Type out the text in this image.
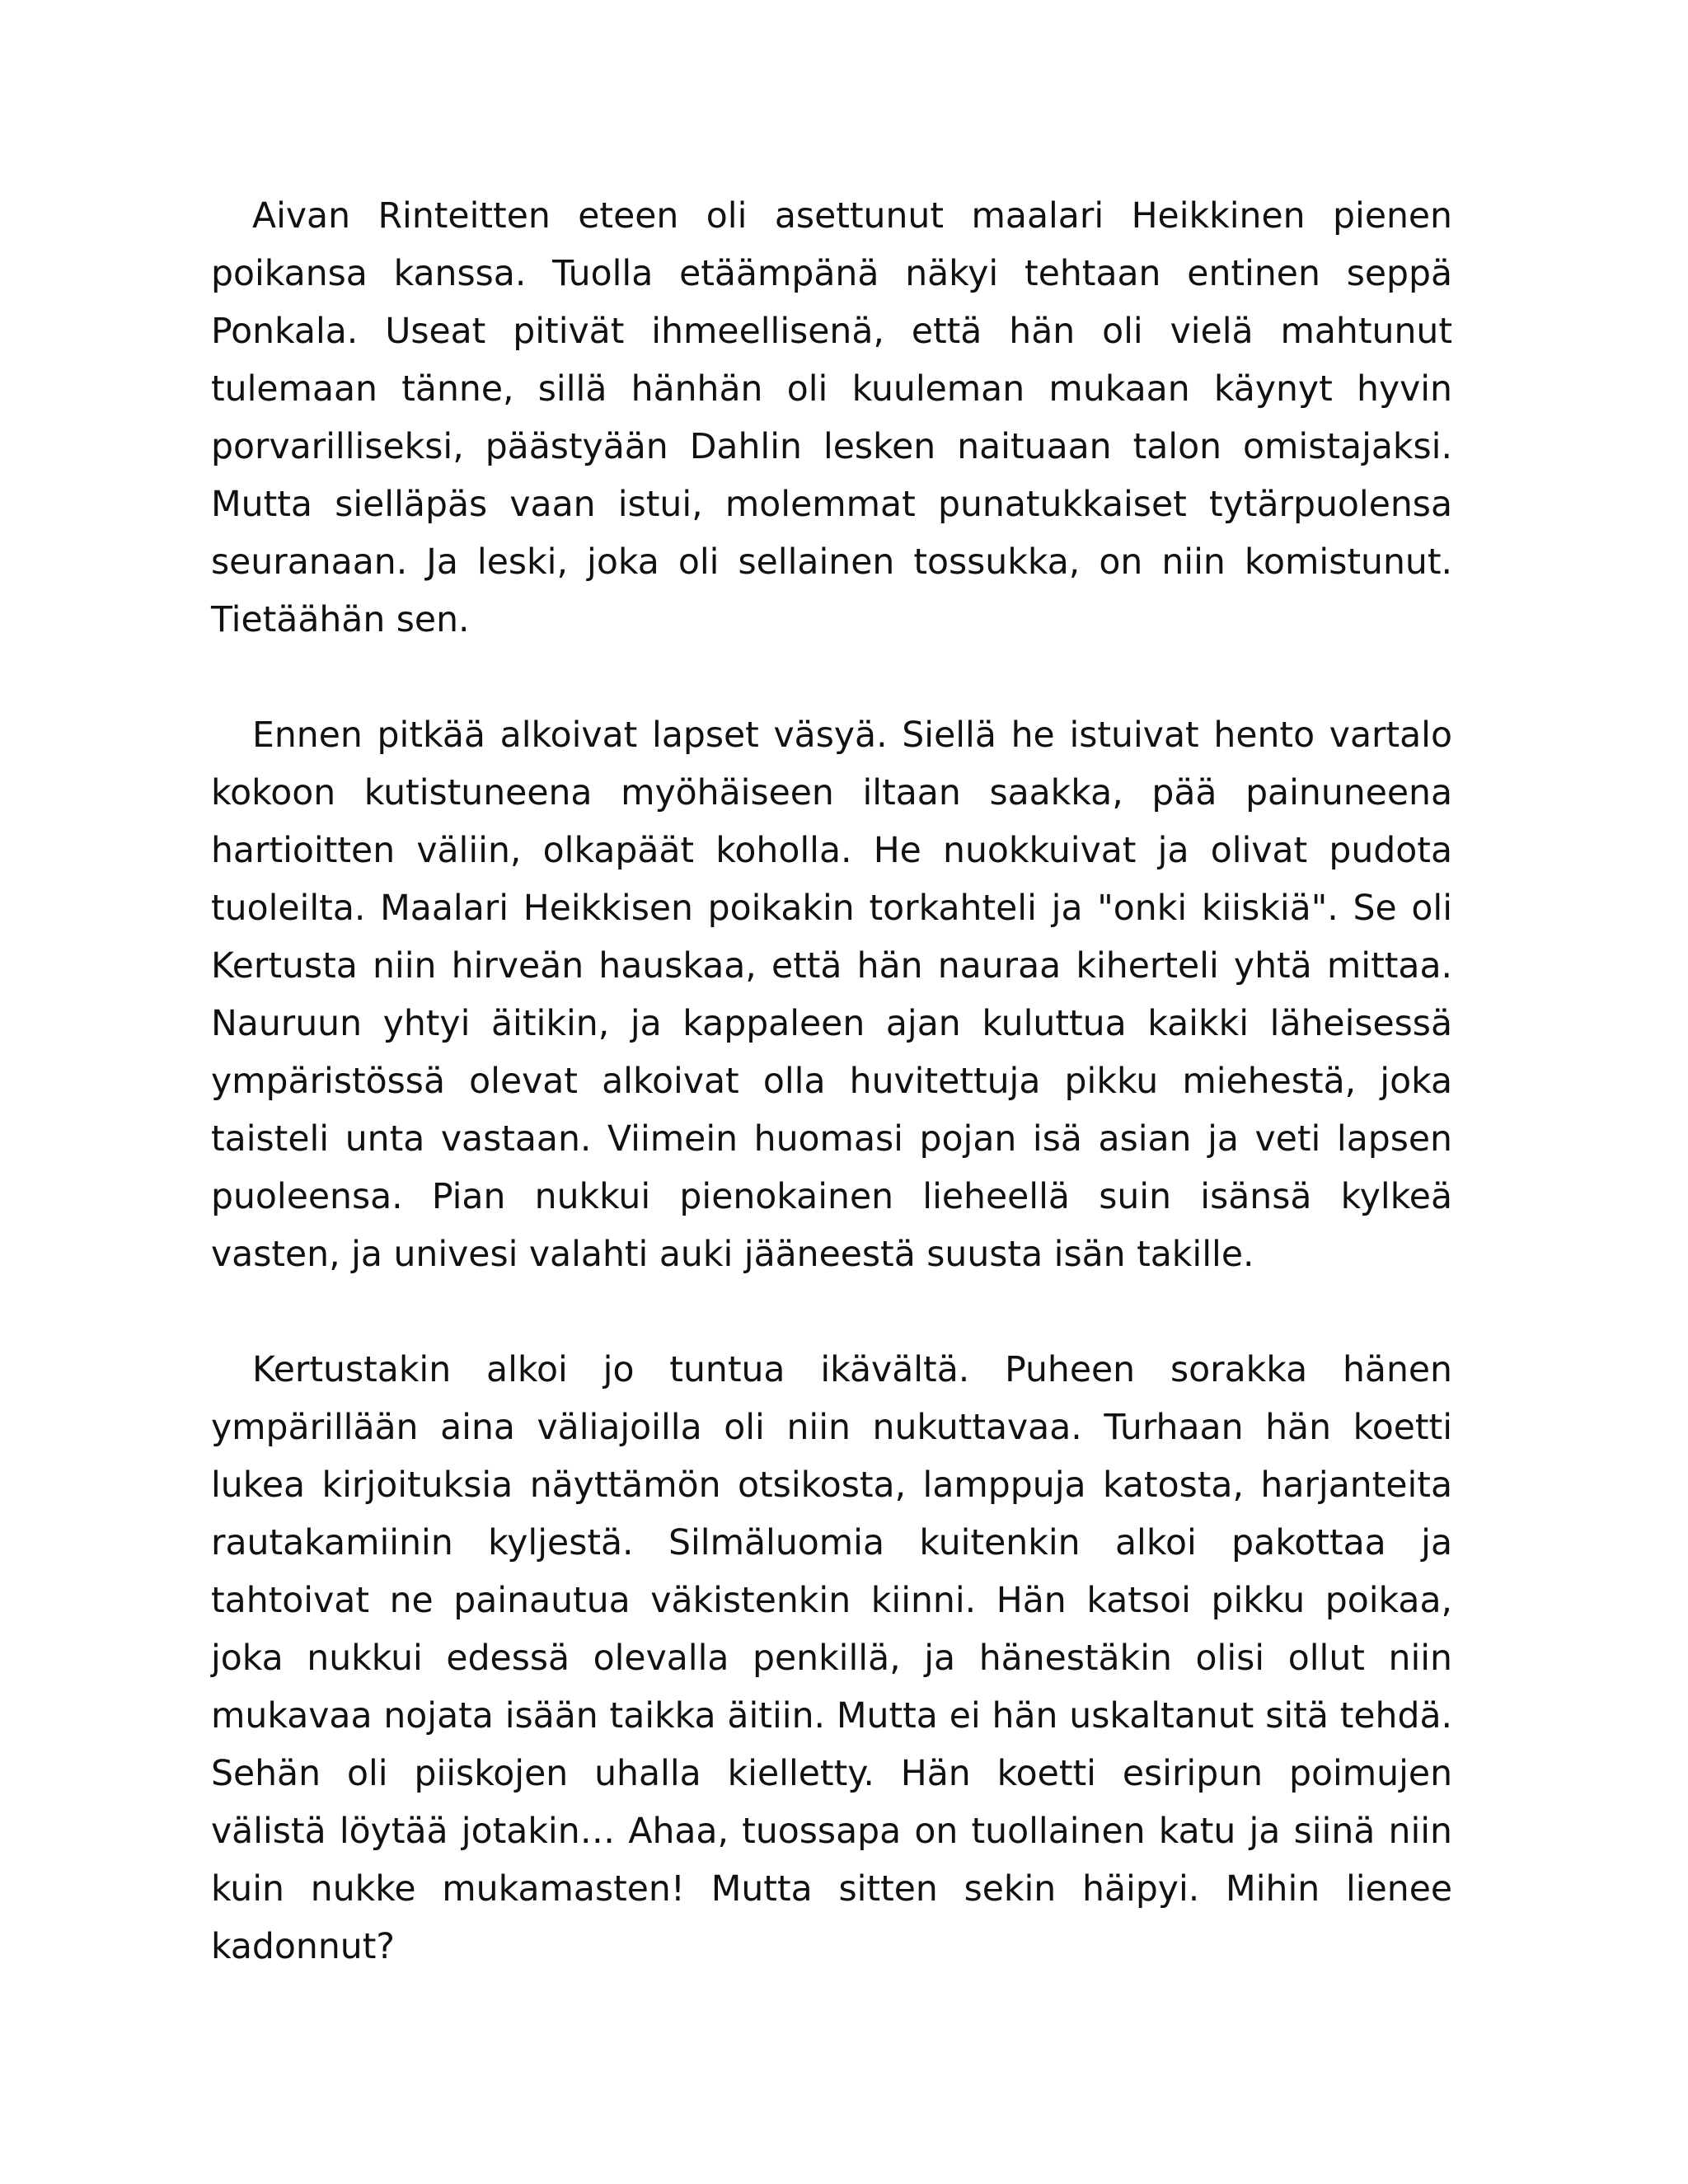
Aivan Rinteitten eteen oli asettunut maalari Heikkinen pienen poikansa kanssa. Tuolla etäämpänä näkyi tehtaan entinen seppä Ponkala. Useat pitivät ihmeellisenä, että hän oli vielä mahtunut tulemaan tänne, sillä hänhän oli kuuleman mukaan käynyt hyvin porvarilliseksi, päästyään Dahlin lesken naituaan talon omistajaksi. Mutta sielläpäs vaan istui, molemmat punatukkaiset tytärpuolensa seuranaan. Ja leski, joka oli sellainen tossukka, on niin komistunut. Tietäähän sen.

Ennen pitkää alkoivat lapset väsyä. Siellä he istuivat hento vartalo kokoon kutistuneena myöhäiseen iltaan saakka, pää painuneena hartioitten väliin, olkapäät koholla. He nuokkuivat ja olivat pudota tuoleilta. Maalari Heikkisen poikakin torkahteli ja "onki kiiskiä". Se oli Kertusta niin hirveän hauskaa, että hän nauraa kiherteli yhtä mittaa. Nauruun yhtyi äitikin, ja kappaleen ajan kuluttua kaikki läheisessä ympäristössä olevat alkoivat olla huvitettuja pikku miehestä, joka taisteli unta vastaan. Viimein huomasi pojan isä asian ja veti lapsen puoleensa. Pian nukkui pienokainen lieheellä suin isänsä kylkeä vasten, ja univesi valahti auki jääneestä suusta isän takille.

Kertustakin alkoi jo tuntua ikävältä. Puheen sorakka hänen ympärillään aina väliajoilla oli niin nukuttavaa. Turhaan hän koetti lukea kirjoituksia näyttämön otsikosta, lamppuja katosta, harjanteita rautakamiinin kyljestä. Silmäluomia kuitenkin alkoi pakottaa ja tahtoivat ne painautua väkistenkin kiinni. Hän katsoi pikku poikaa, joka nukkui edessä olevalla penkillä, ja hänestäkin olisi ollut niin mukavaa nojata isään taikka äitiin. Mutta ei hän uskaltanut sitä tehdä. Sehän oli piiskojen uhalla kielletty. Hän koetti esiripun poimujen välistä löytää jotakin… Ahaa, tuossapa on tuollainen katu ja siinä niin kuin nukke mukamasten! Mutta sitten sekin häipyi. Mihin lienee kadonnut?
